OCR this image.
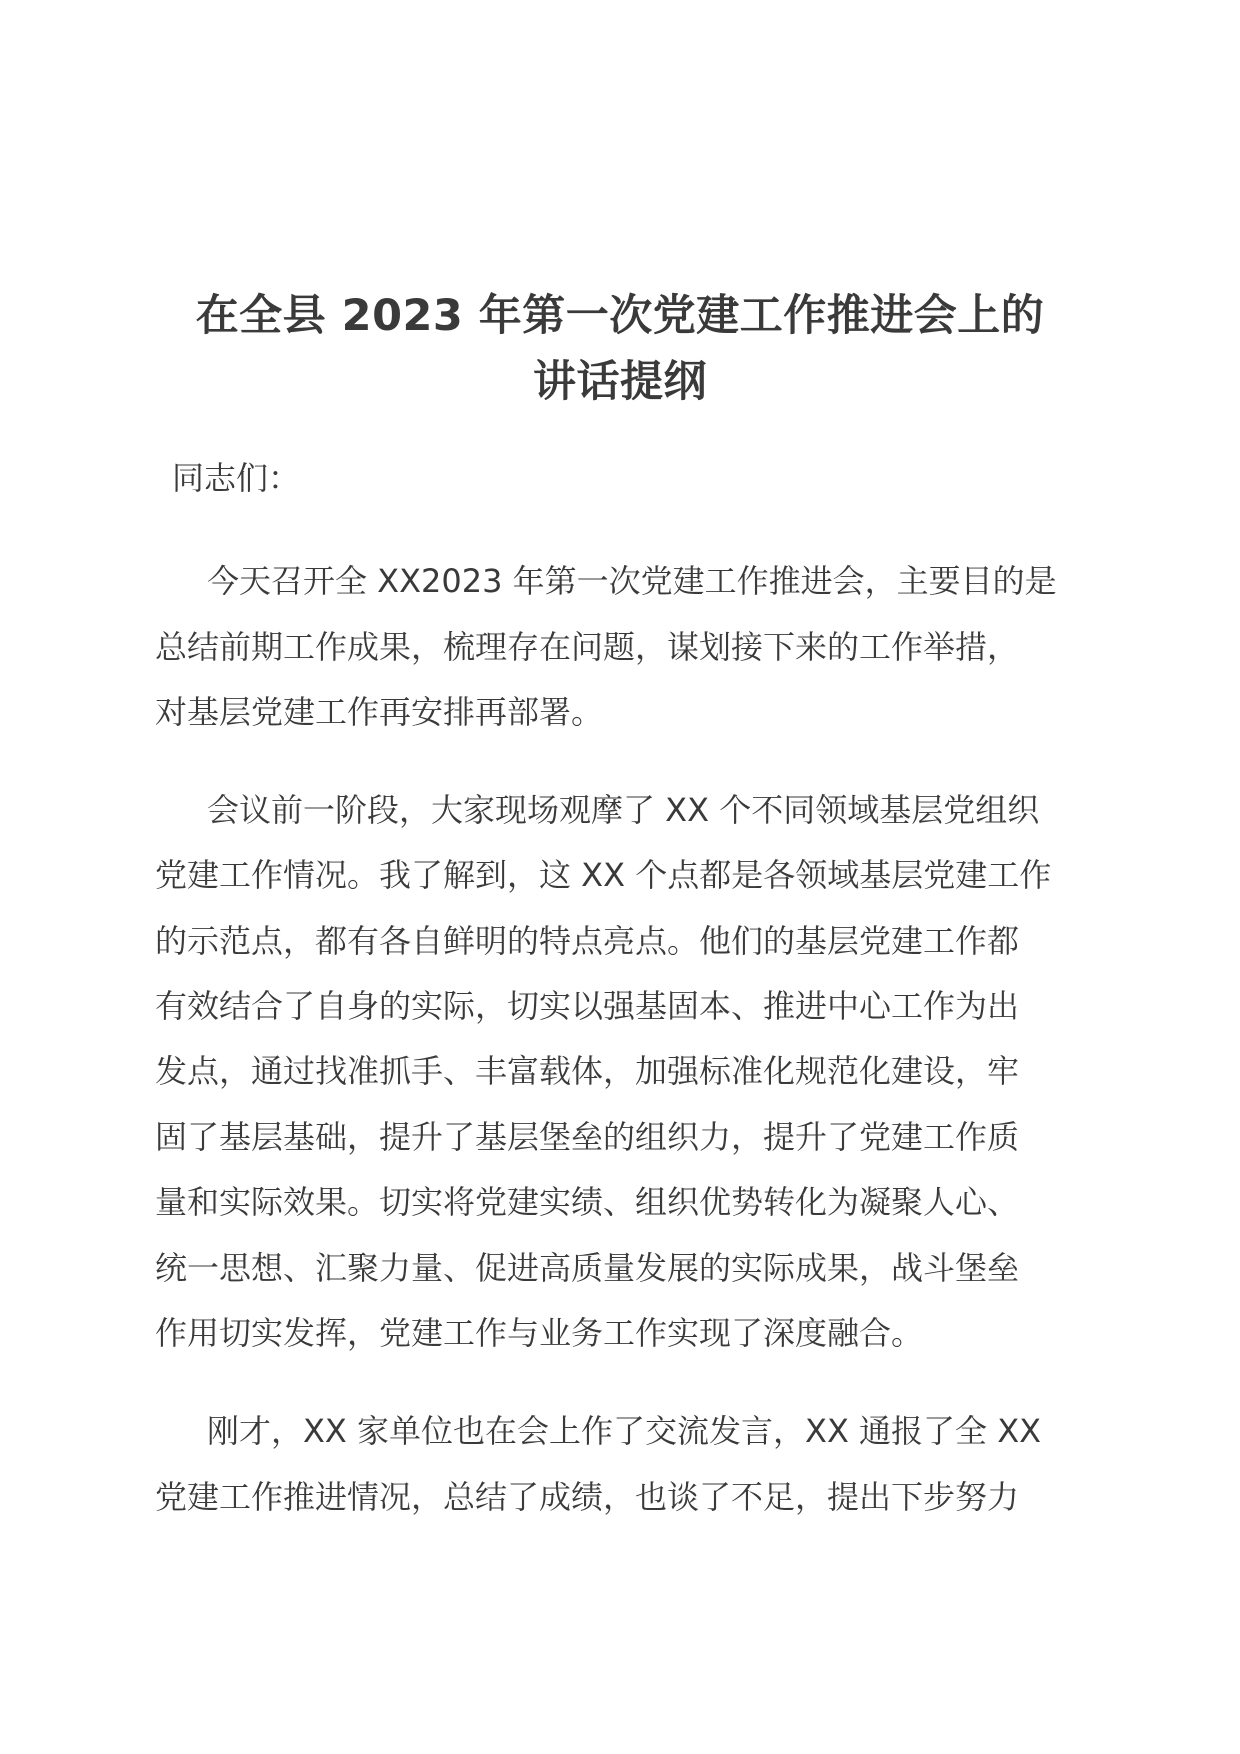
在全县 2023 年第一次党建工作推进会上的
讲话提纲
同志们：
今天召开全 XX2023 年第一次党建工作推进会，主要目的是
总结前期工作成果，梳理存在问题，谋划接下来的工作举措，
对基层党建工作再安排再部署。
会议前一阶段，大家现场观摩了 XX 个不同领域基层党组织
党建工作情况。我了解到，这 XX 个点都是各领域基层党建工作
的示范点，都有各自鲜明的特点亮点。他们的基层党建工作都
有效结合了自身的实际，切实以强基固本、推进中心工作为出
发点，通过找准抓手、丰富载体，加强标准化规范化建设，牢
固了基层基础，提升了基层堡垒的组织力，提升了党建工作质
量和实际效果。切实将党建实绩、组织优势转化为凝聚人心、
统一思想、汇聚力量、促进高质量发展的实际成果，战斗堡垒
作用切实发挥，党建工作与业务工作实现了深度融合。
刚才，XX 家单位也在会上作了交流发言，XX 通报了全 XX
党建工作推进情况，总结了成绩，也谈了不足，提出下步努力
